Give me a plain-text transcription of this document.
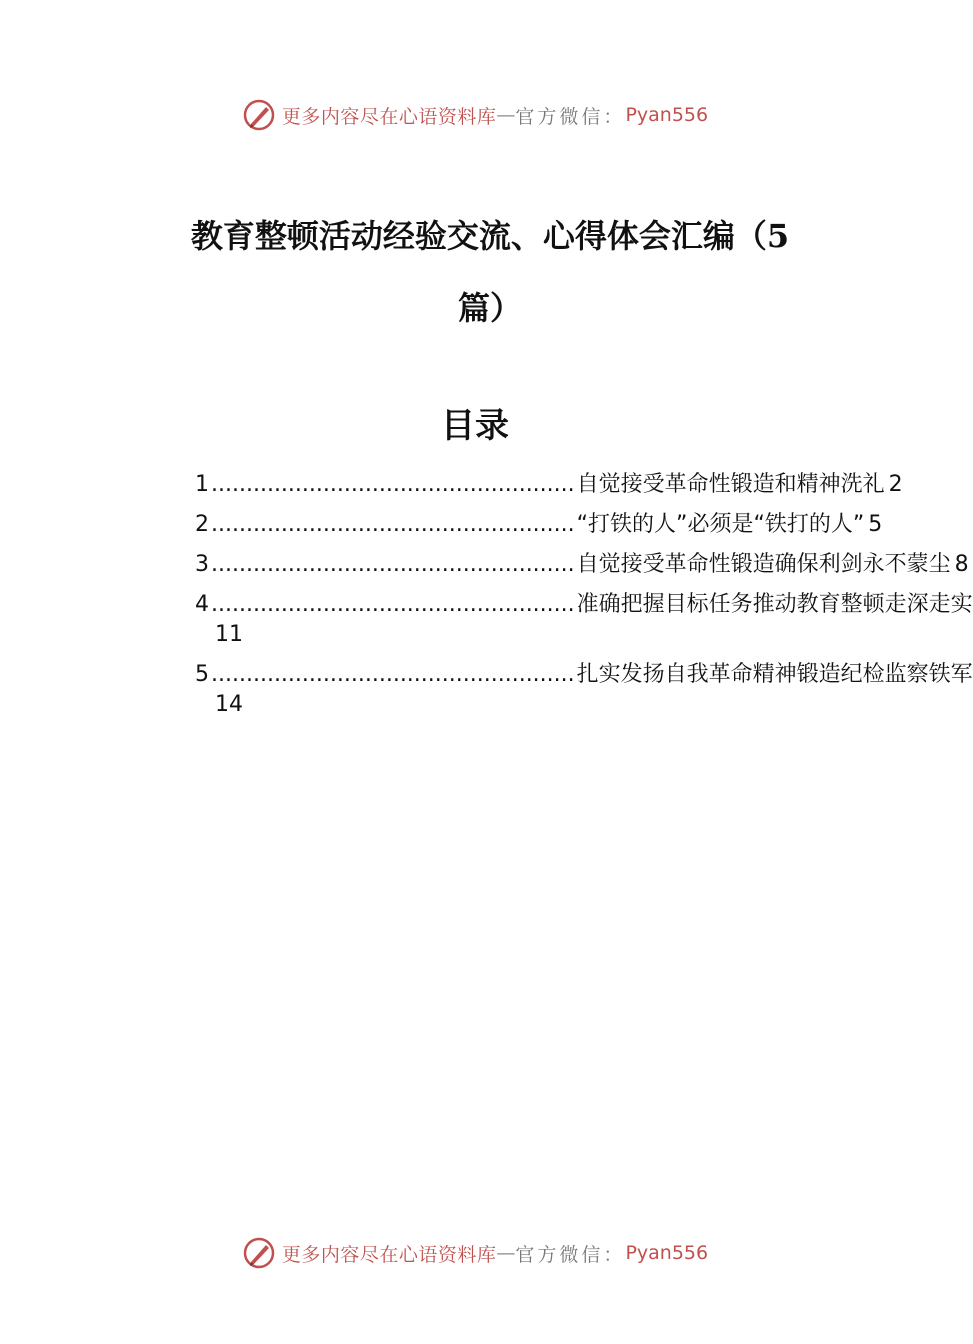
更多内容尽在心语资料库 — 官方微信： Pyan556
教育整顿活动经验交流、心得体会汇编（5
篇）
目录
1 .................................................... 自觉接受革命性锻造和精神洗礼 2
2 .................................................... “打铁的人”必须是“铁打的人” 5
3 .................................................... 自觉接受革命性锻造确保利剑永不蒙尘 8
4 .................................................... 准确把握目标任务推动教育整顿走深走实
11
5 .................................................... 扎实发扬自我革命精神锻造纪检监察铁军
14
更多内容尽在心语资料库 — 官方微信： Pyan556
